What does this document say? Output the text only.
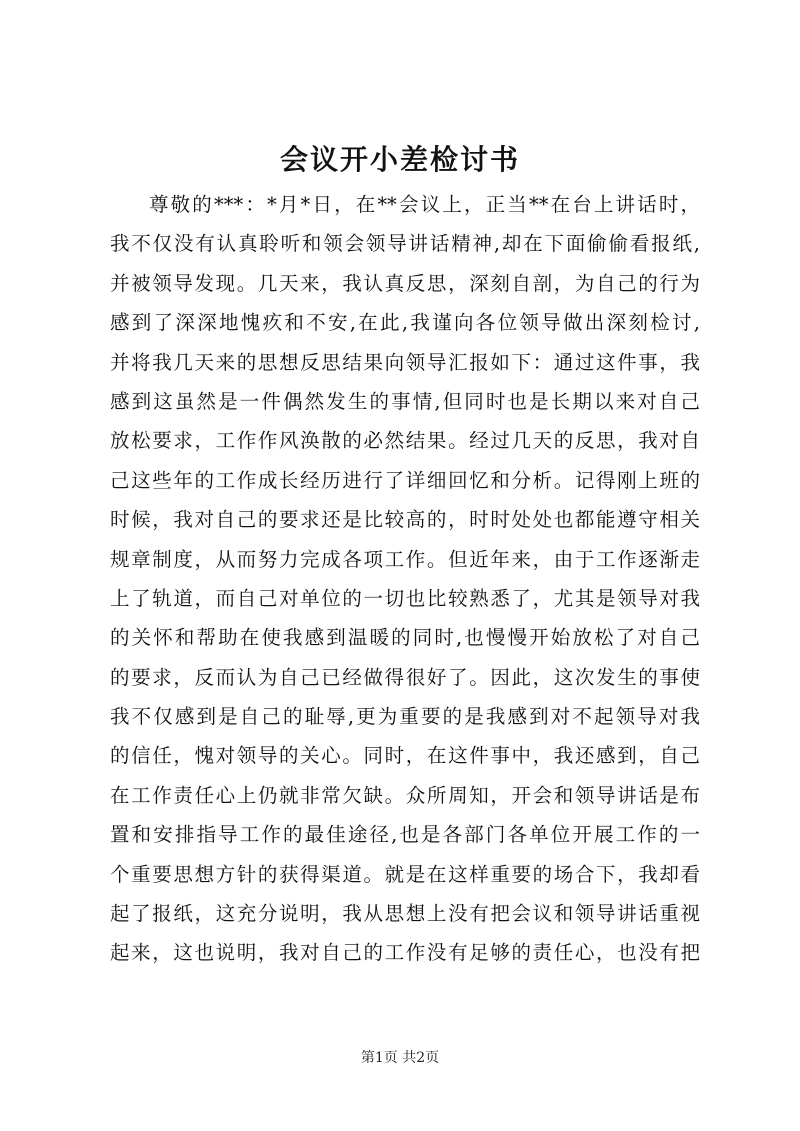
会议开小差检讨书
尊敬的***：*月*日，在**会议上，正当**在台上讲话时，
我不仅没有认真聆听和领会领导讲话精神,却在下面偷偷看报纸,
并被领导发现。几天来，我认真反思，深刻自剖，为自己的行为
感到了深深地愧疚和不安,在此,我谨向各位领导做出深刻检讨,
并将我几天来的思想反思结果向领导汇报如下：通过这件事，我
感到这虽然是一件偶然发生的事情,但同时也是长期以来对自己
放松要求，工作作风涣散的必然结果。经过几天的反思，我对自
己这些年的工作成长经历进行了详细回忆和分析。记得刚上班的
时候，我对自己的要求还是比较高的，时时处处也都能遵守相关
规章制度，从而努力完成各项工作。但近年来，由于工作逐渐走
上了轨道，而自己对单位的一切也比较熟悉了，尤其是领导对我
的关怀和帮助在使我感到温暖的同时,也慢慢开始放松了对自己
的要求，反而认为自己已经做得很好了。因此，这次发生的事使
我不仅感到是自己的耻辱,更为重要的是我感到对不起领导对我
的信任，愧对领导的关心。同时，在这件事中，我还感到，自己
在工作责任心上仍就非常欠缺。众所周知，开会和领导讲话是布
置和安排指导工作的最佳途径,也是各部门各单位开展工作的一
个重要思想方针的获得渠道。就是在这样重要的场合下，我却看
起了报纸，这充分说明，我从思想上没有把会议和领导讲话重视
起来，这也说明，我对自己的工作没有足够的责任心，也没有把
第1页 共2页
